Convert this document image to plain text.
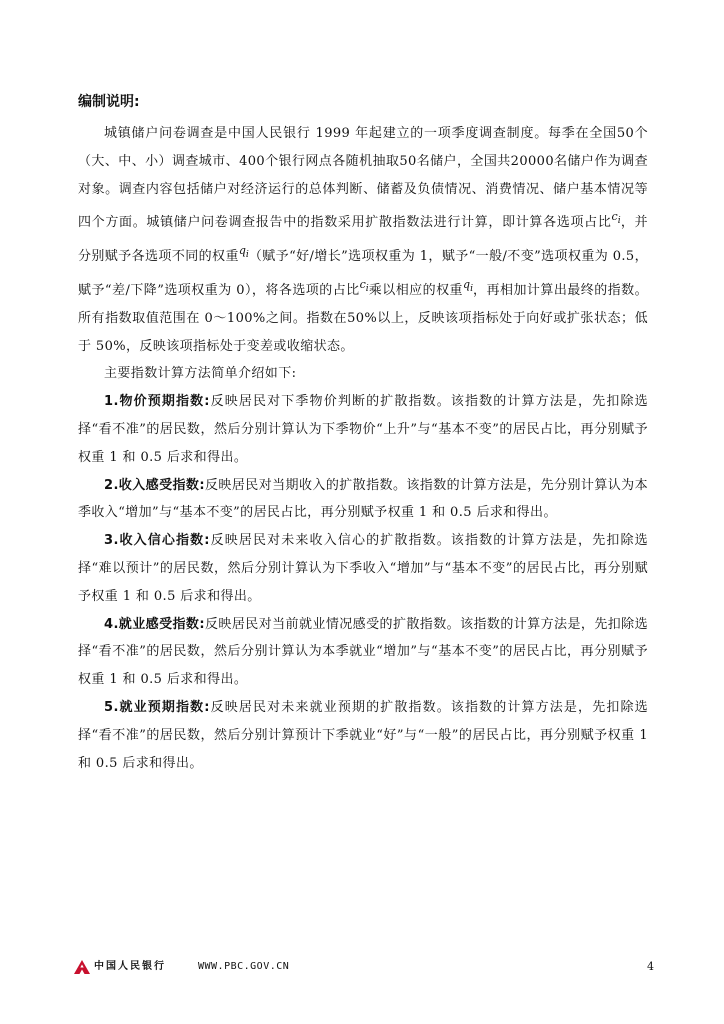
编制说明:

城镇储户问卷调查是中国人民银行 1999 年起建立的一项季度调查制度。每季在全国50个（大、中、小）调查城市、400个银行网点各随机抽取50名储户，全国共20000名储户作为调查对象。调查内容包括储户对经济运行的总体判断、储蓄及负债情况、消费情况、储户基本情况等四个方面。城镇储户问卷调查报告中的指数采用扩散指数法进行计算，即计算各选项占比$^{c_i}$，并分别赋予各选项不同的权重$^{q_i}$（赋予“好/增长”选项权重为 1，赋予“一般/不变”选项权重为 0.5，赋予“差/下降”选项权重为 0），将各选项的占比$^{c_i}$乘以相应的权重$^{q_i}$，再相加计算出最终的指数。所有指数取值范围在 0～100%之间。指数在50%以上，反映该项指标处于向好或扩张状态；低于 50%，反映该项指标处于变差或收缩状态。

主要指数计算方法简单介绍如下:

1.物价预期指数:反映居民对下季物价判断的扩散指数。该指数的计算方法是，先扣除选择“看不准”的居民数，然后分别计算认为下季物价“上升”与“基本不变”的居民占比，再分别赋予权重 1 和 0.5 后求和得出。

2.收入感受指数:反映居民对当期收入的扩散指数。该指数的计算方法是，先分别计算认为本季收入“增加”与“基本不变”的居民占比，再分别赋予权重 1 和 0.5 后求和得出。

3.收入信心指数:反映居民对未来收入信心的扩散指数。该指数的计算方法是，先扣除选择“难以预计”的居民数，然后分别计算认为下季收入“增加”与“基本不变”的居民占比，再分别赋予权重 1 和 0.5 后求和得出。

4.就业感受指数:反映居民对当前就业情况感受的扩散指数。该指数的计算方法是，先扣除选择“看不准”的居民数，然后分别计算认为本季就业“增加”与“基本不变”的居民占比，再分别赋予权重 1 和 0.5 后求和得出。

5.就业预期指数:反映居民对未来就业预期的扩散指数。该指数的计算方法是，先扣除选择“看不准”的居民数，然后分别计算预计下季就业“好”与“一般”的居民占比，再分别赋予权重 1 和 0.5 后求和得出。

中国人民银行	WWW.PBC.GOV.CN	4
